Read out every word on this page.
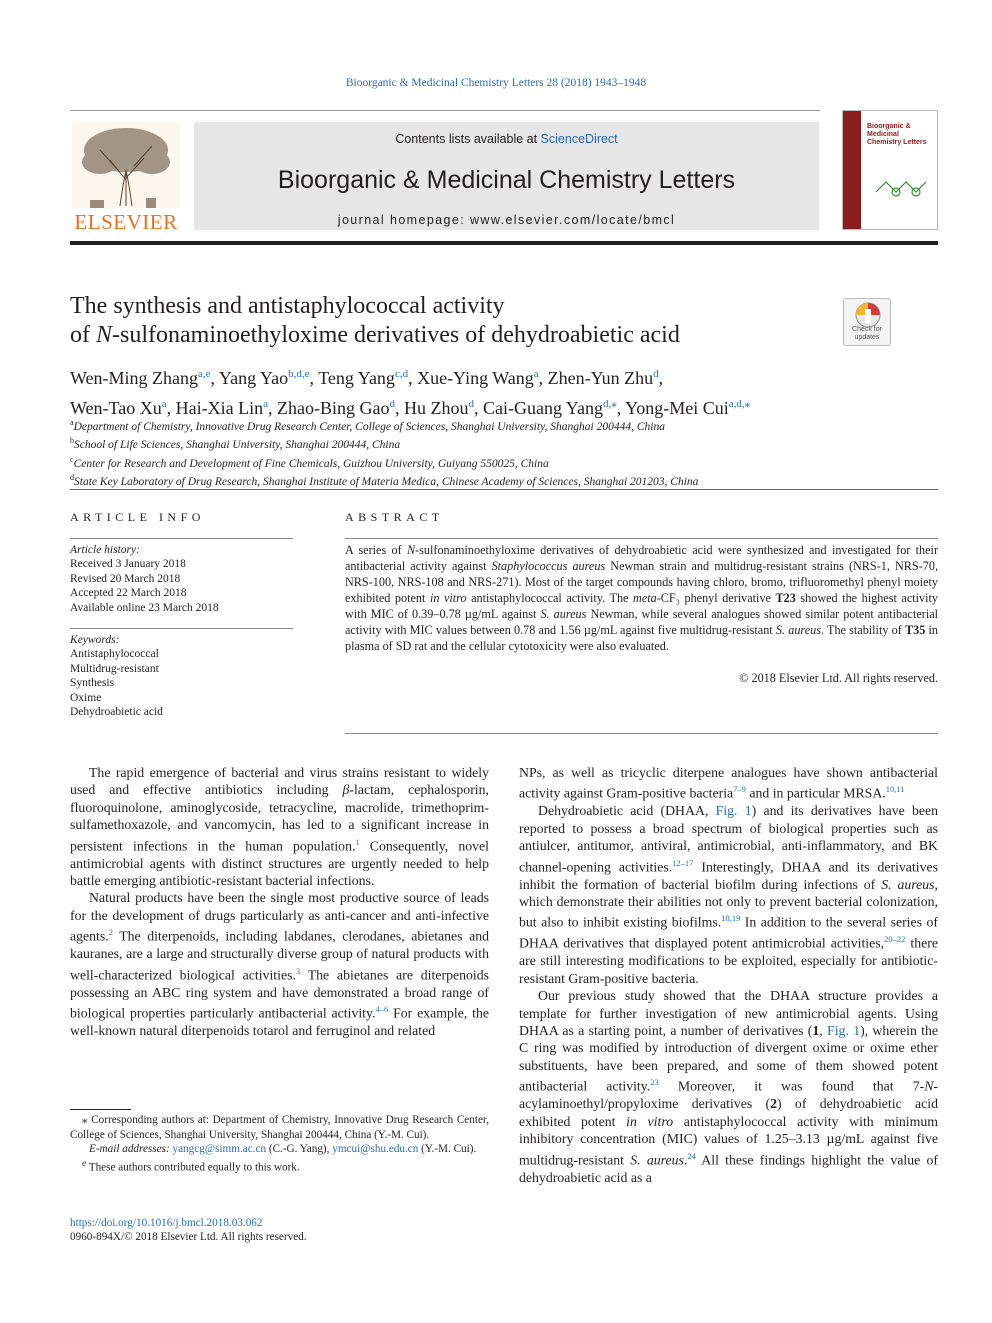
Bioorganic & Medicinal Chemistry Letters 28 (2018) 1943–1948
ELSEVIER
Contents lists available at ScienceDirect
Bioorganic & Medicinal Chemistry Letters
journal homepage: www.elsevier.com/locate/bmcl
Bioorganic & Medicinal Chemistry Letters
The synthesis and antistaphylococcal activity
of N-sulfonaminoethyloxime derivatives of dehydroabietic acid	Check for updates
Wen-Ming Zhang$^{a,e}$, Yang Yao$^{b,d,e}$, Teng Yang$^{c,d}$, Xue-Ying Wang$^a$, Zhen-Yun Zhu$^d$,
Wen-Tao Xu$^a$, Hai-Xia Lin$^a$, Zhao-Bing Gao$^d$, Hu Zhou$^d$, Cai-Guang Yang$^{d,⁎}$, Yong-Mei Cui$^{a,d,⁎}$
$^a$Department of Chemistry, Innovative Drug Research Center, College of Sciences, Shanghai University, Shanghai 200444, China
$^b$School of Life Sciences, Shanghai University, Shanghai 200444, China
$^c$Center for Research and Development of Fine Chemicals, Guizhou University, Guiyang 550025, China
$^d$State Key Laboratory of Drug Research, Shanghai Institute of Materia Medica, Chinese Academy of Sciences, Shanghai 201203, China
ARTICLE INFO
Article history:
Received 3 January 2018
Revised 20 March 2018
Accepted 22 March 2018
Available online 23 March 2018
Keywords:
Antistaphylococcal
Multidrug-resistant
Synthesis
Oxime
Dehydroabietic acid
ABSTRACT
A series of N-sulfonaminoethyloxime derivatives of dehydroabietic acid were synthesized and investigated for their antibacterial activity against Staphylococcus aureus Newman strain and multidrug-resistant strains (NRS-1, NRS-70, NRS-100, NRS-108 and NRS-271). Most of the target compounds having chloro, bromo, trifluoromethyl phenyl moiety exhibited potent in vitro antistaphylococcal activity. The meta-CF₃ phenyl derivative T23 showed the highest activity with MIC of 0.39–0.78 µg/mL against S. aureus Newman, while several analogues showed similar potent antibacterial activity with MIC values between 0.78 and 1.56 µg/mL against five multidrug-resistant S. aureus. The stability of T35 in plasma of SD rat and the cellular cytotoxicity were also evaluated.
© 2018 Elsevier Ltd. All rights reserved.

The rapid emergence of bacterial and virus strains resistant to widely used and effective antibiotics including β-lactam, cephalosporin, fluoroquinolone, aminoglycoside, tetracycline, macrolide, trimethoprim-sulfamethoxazole, and vancomycin, has led to a significant increase in persistent infections in the human population.$^1$ Consequently, novel antimicrobial agents with distinct structures are urgently needed to help battle emerging antibiotic-resistant bacterial infections.

Natural products have been the single most productive source of leads for the development of drugs particularly as anti-cancer and anti-infective agents.$^2$ The diterpenoids, including labdanes, clerodanes, abietanes and kauranes, are a large and structurally diverse group of natural products with well-characterized biological activities.$^3$ The abietanes are diterpenoids possessing an ABC ring system and have demonstrated a broad range of biological properties particularly antibacterial activity.$^{4-6}$ For example, the well-known natural diterpenoids totarol and ferruginol and related

NPs, as well as tricyclic diterpene analogues have shown antibacterial activity against Gram-positive bacteria$^{7-9}$ and in particular MRSA.$^{10,11}$

Dehydroabietic acid (DHAA, Fig. 1) and its derivatives have been reported to possess a broad spectrum of biological properties such as antiulcer, antitumor, antiviral, antimicrobial, anti-inflammatory, and BK channel-opening activities.$^{12-17}$ Interestingly, DHAA and its derivatives inhibit the formation of bacterial biofilm during infections of S. aureus, which demonstrate their abilities not only to prevent bacterial colonization, but also to inhibit existing biofilms.$^{18,19}$ In addition to the several series of DHAA derivatives that displayed potent antimicrobial activities,$^{20-22}$ there are still interesting modifications to be exploited, especially for antibiotic-resistant Gram-positive bacteria.

Our previous study showed that the DHAA structure provides a template for further investigation of new antimicrobial agents. Using DHAA as a starting point, a number of derivatives (1, Fig. 1), wherein the C ring was modified by introduction of divergent oxime or oxime ether substituents, have been prepared, and some of them showed potent antibacterial activity.$^{23}$ Moreover, it was found that 7-N-acylaminoethyl/propyloxime derivatives (2) of dehydroabietic acid exhibited potent in vitro antistaphylococcal activity with minimum inhibitory concentration (MIC) values of 1.25–3.13 µg/mL against five multidrug-resistant S. aureus.$^{24}$ All these findings highlight the value of dehydroabietic acid as a

⁎ Corresponding authors at: Department of Chemistry, Innovative Drug Research Center, College of Sciences, Shanghai University, Shanghai 200444, China (Y.-M. Cui).

E-mail addresses: yangcg@simm.ac.cn (C.-G. Yang), ymcui@shu.edu.cn (Y.-M. Cui).

$^e$ These authors contributed equally to this work.

https://doi.org/10.1016/j.bmcl.2018.03.062
0960-894X/© 2018 Elsevier Ltd. All rights reserved.
